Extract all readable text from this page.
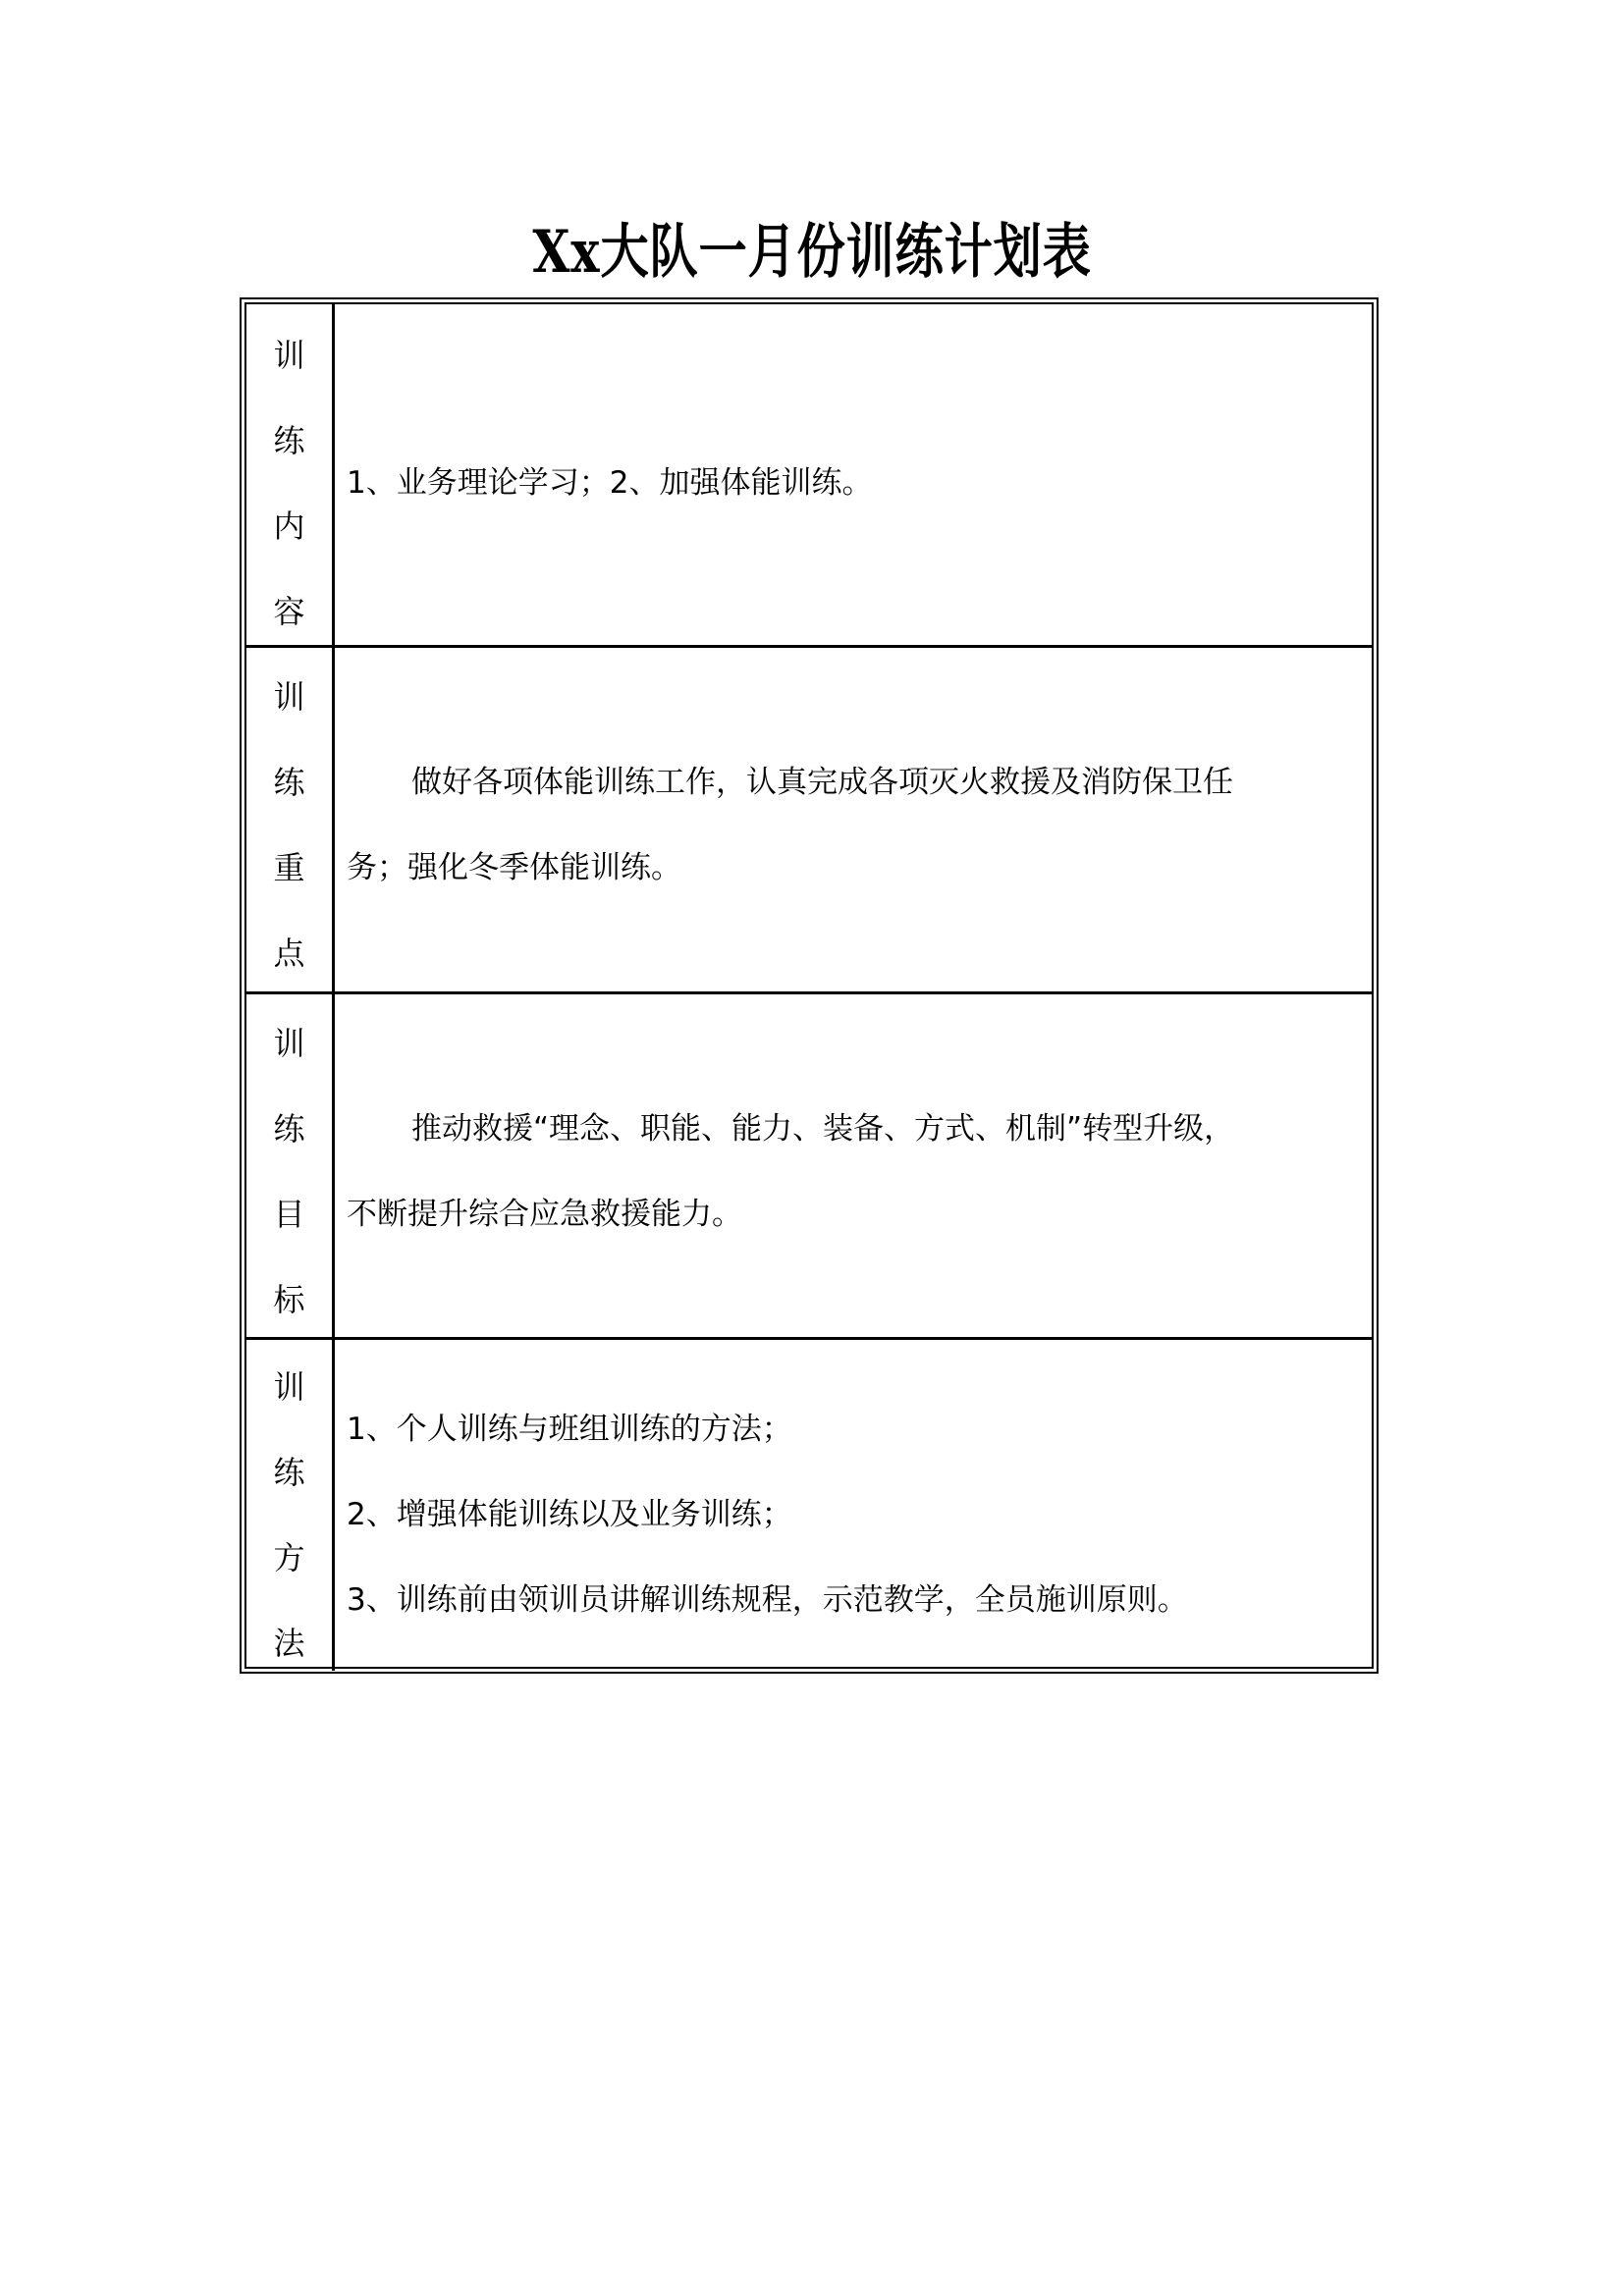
Xx大队一月份训练计划表
训
练
内
容
1、业务理论学习；2、加强体能训练。
训
练
重
点
做好各项体能训练工作，认真完成各项灭火救援及消防保卫任
务；强化冬季体能训练。
训
练
目
标
推动救援“理念、职能、能力、装备、方式、机制”转型升级，
不断提升综合应急救援能力。
训
练
方
法
1、个人训练与班组训练的方法；
2、增强体能训练以及业务训练；
3、训练前由领训员讲解训练规程，示范教学，全员施训原则。
